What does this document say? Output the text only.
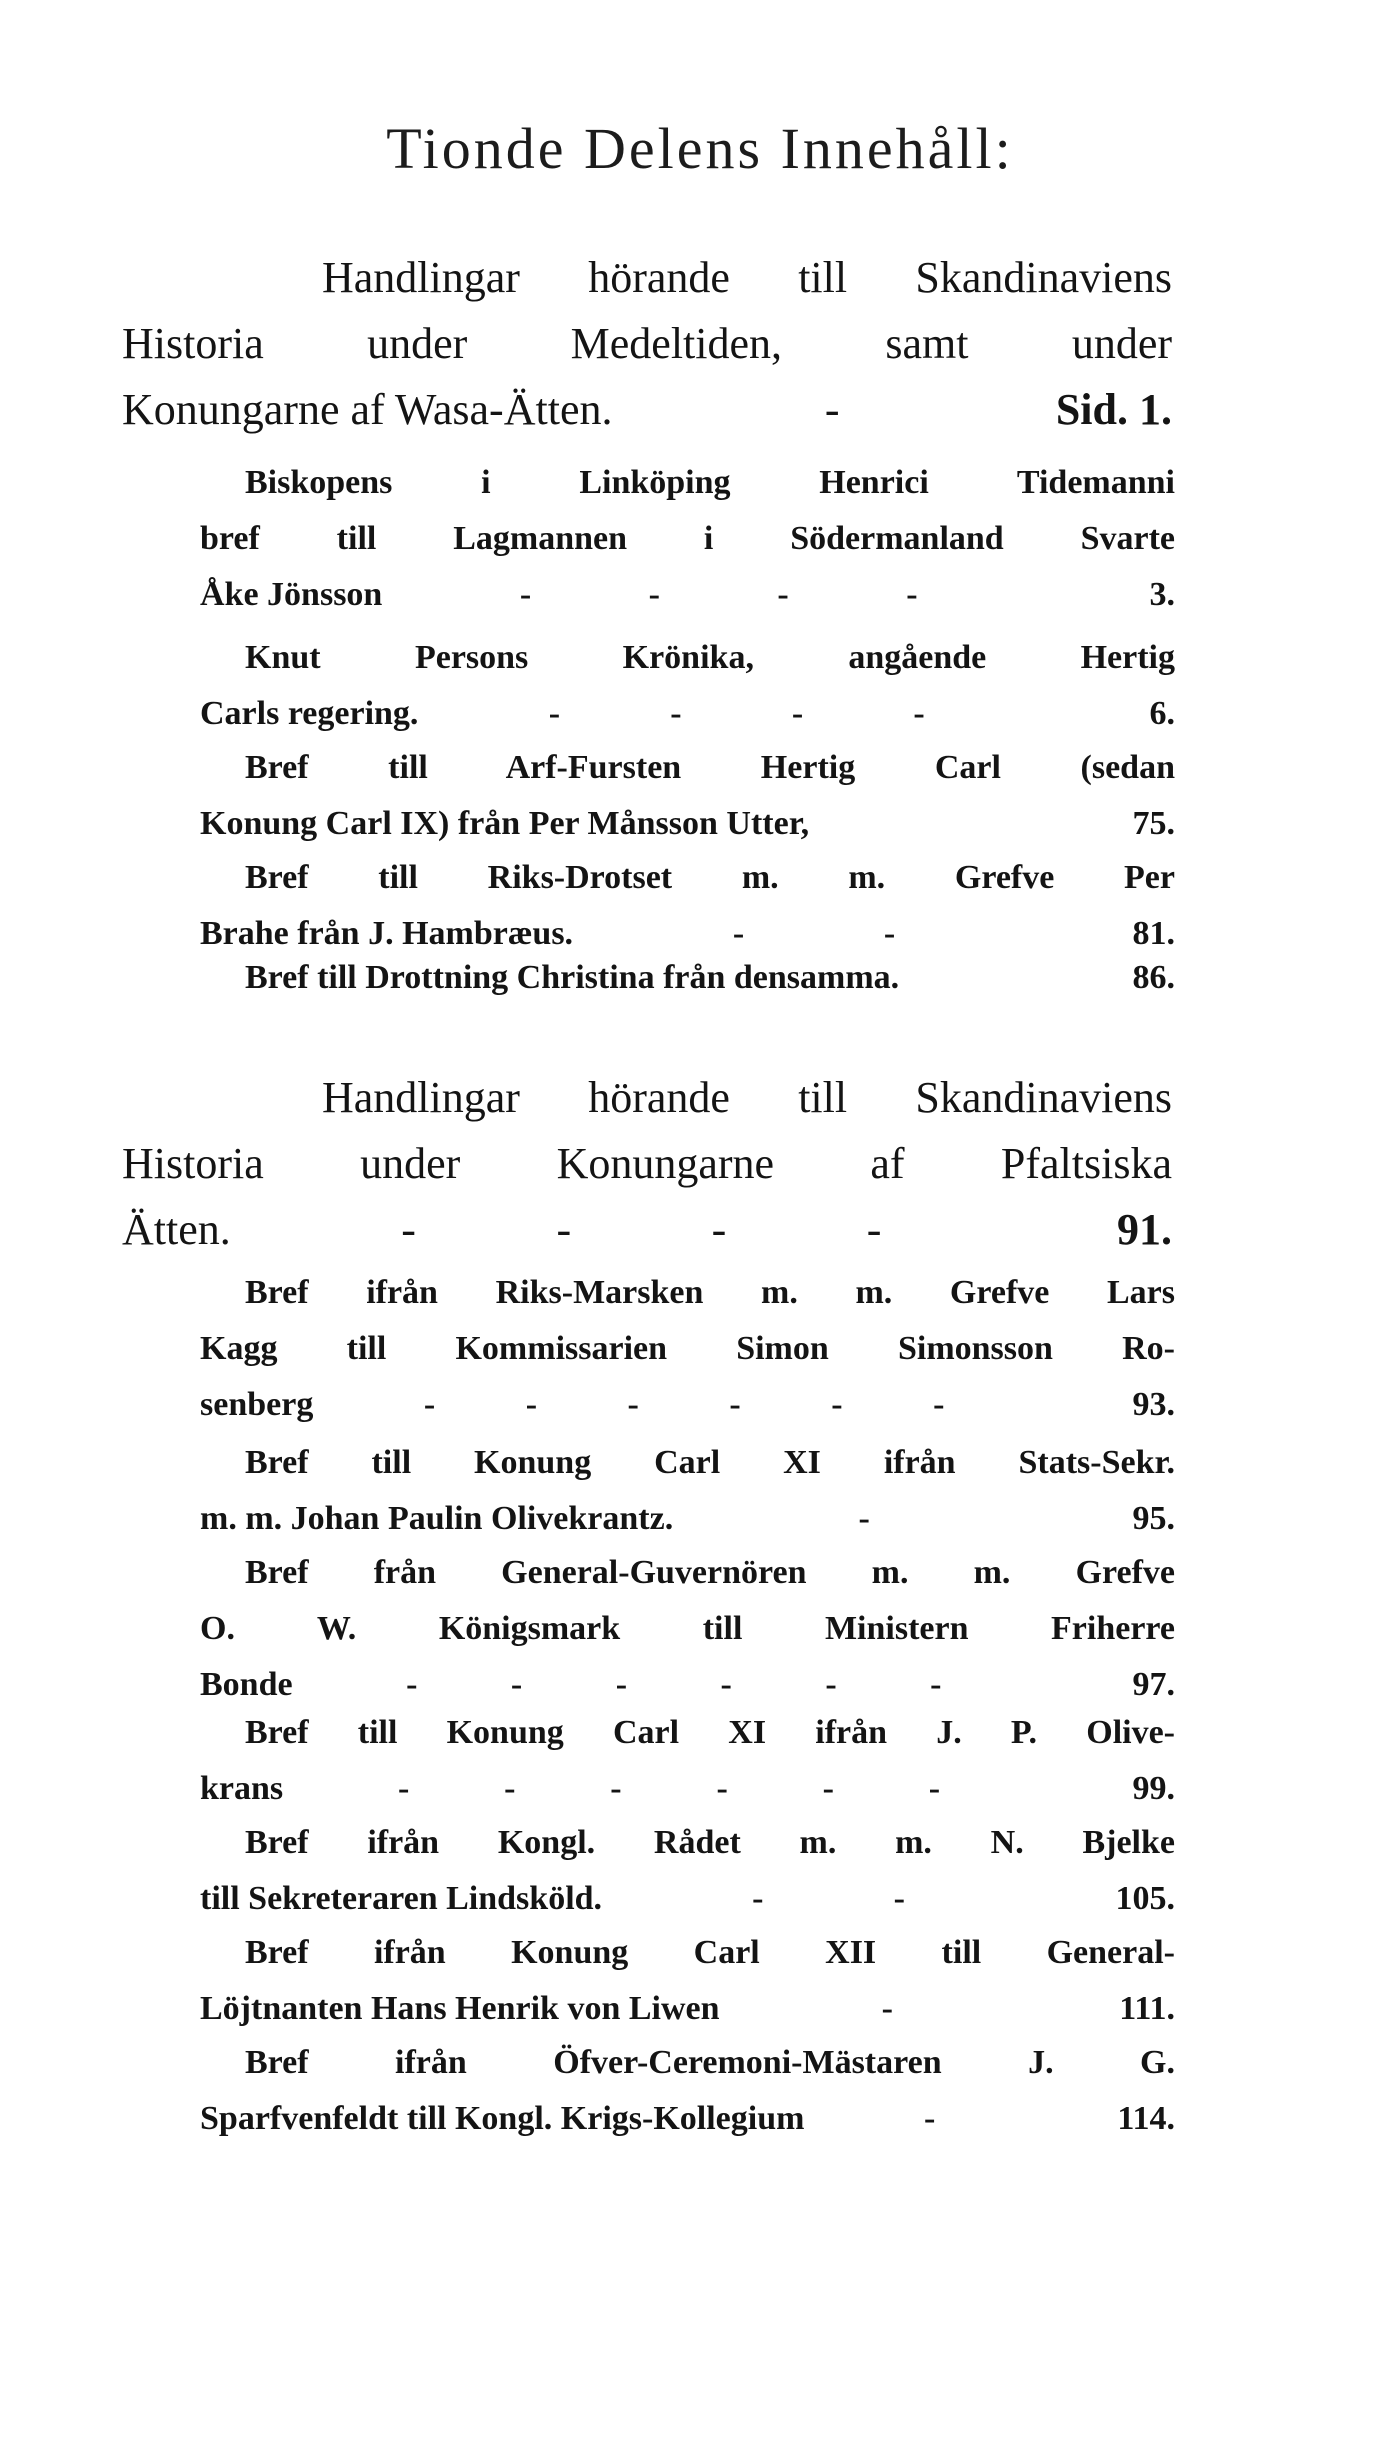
Tionde Delens Innehåll:
Handlingar hörande till Skandinaviens
Historia under Medeltiden, samt under
Konungarne af Wasa-Ätten.	-	Sid. 1.
Biskopens i Linköping Henrici Tidemanni
bref till Lagmannen i Södermanland Svarte
Åke Jönsson	-	-	-	-	3.
Knut Persons Krönika, angående Hertig
Carls regering.	-	-	-	-	6.
Bref till Arf-Fursten Hertig Carl (sedan
Konung Carl IX) från Per Månsson Utter,	75.
Bref till Riks-Drotset m. m. Grefve Per
Brahe från J. Hambræus.	-	-	81.
Bref till Drottning Christina från densamma.	86.
Handlingar hörande till Skandinaviens
Historia under Konungarne af Pfaltsiska
Ätten.	-	-	-	-	91.
Bref ifrån Riks-Marsken m. m. Grefve Lars
Kagg till Kommissarien Simon Simonsson Ro-
senberg	-	-	-	-	-	-	93.
Bref till Konung Carl XI ifrån Stats-Sekr.
m. m. Johan Paulin Olivekrantz.	-	95.
Bref från General-Guvernören m. m. Grefve
O. W. Königsmark till Ministern Friherre
Bonde	-	-	-	-	-	-	97.
Bref till Konung Carl XI ifrån J. P. Olive-
krans	-	-	-	-	-	-	99.
Bref ifrån Kongl. Rådet m. m. N. Bjelke
till Sekreteraren Lindsköld.	-	-	105.
Bref ifrån Konung Carl XII till General-
Löjtnanten Hans Henrik von Liwen	-	111.
Bref ifrån Öfver-Ceremoni-Mästaren J. G.
Sparfvenfeldt till Kongl. Krigs-Kollegium	-	114.
